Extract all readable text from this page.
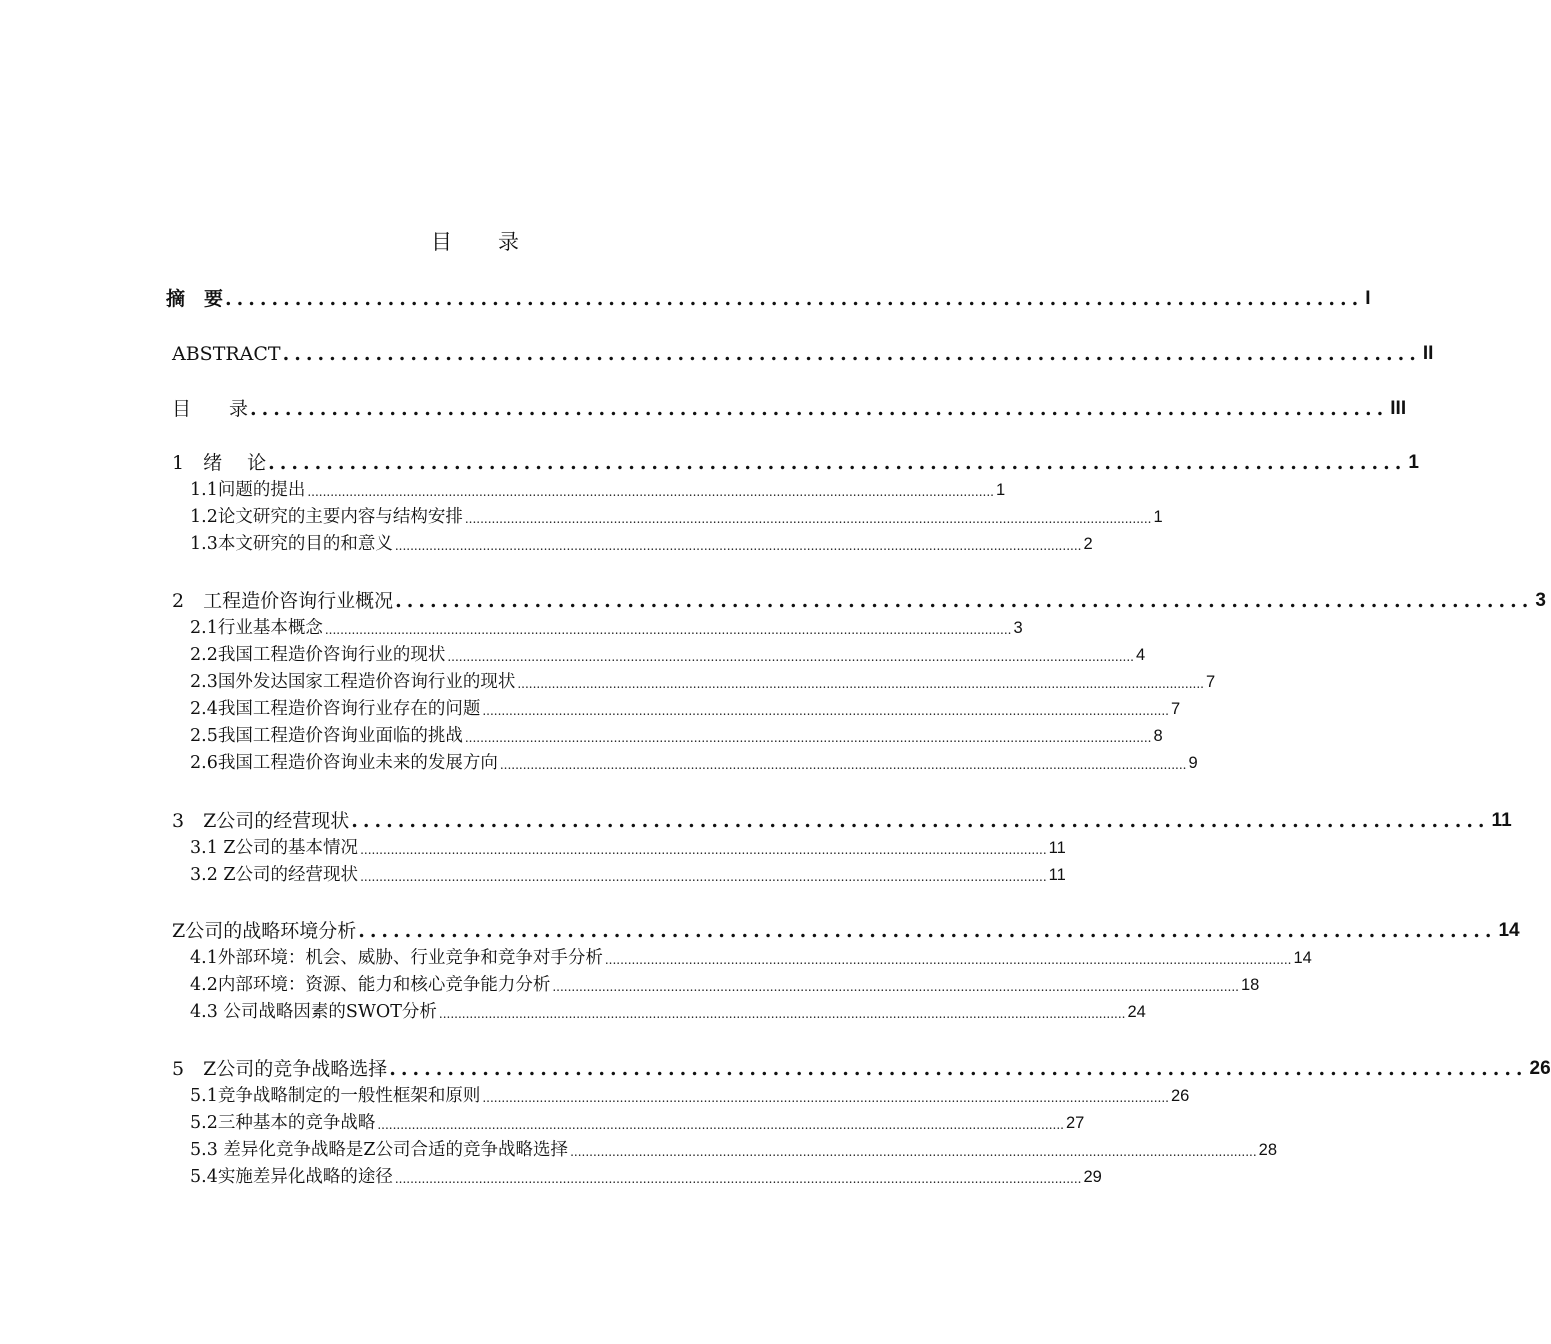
目 录
摘　要 .................................................................................................. I
ABSTRACT .................................................................................................. II
目　　录 .................................................................................................. III
1　绪　 论 .................................................................................................. 1
1.1问题的提出 .................................................................................................................................................................................... 1
1.2论文研究的主要内容与结构安排 .................................................................................................................................................................................... 1
1.3本文研究的目的和意义 .................................................................................................................................................................................... 2
2　工程造价咨询行业概况 .................................................................................................. 3
2.1行业基本概念 .................................................................................................................................................................................... 3
2.2我国工程造价咨询行业的现状 .................................................................................................................................................................................... 4
2.3国外发达国家工程造价咨询行业的现状 .................................................................................................................................................................................... 7
2.4我国工程造价咨询行业存在的问题 .................................................................................................................................................................................... 7
2.5我国工程造价咨询业面临的挑战 .................................................................................................................................................................................... 8
2.6我国工程造价咨询业未来的发展方向 .................................................................................................................................................................................... 9
3　Z公司的经营现状 .................................................................................................. 11
3.1 Z公司的基本情况 .................................................................................................................................................................................... 11
3.2 Z公司的经营现状 .................................................................................................................................................................................... 11
Z公司的战略环境分析 .................................................................................................. 14
4.1外部环境：机会、威胁、行业竞争和竞争对手分析 .................................................................................................................................................................................... 14
4.2内部环境：资源、能力和核心竞争能力分析 .................................................................................................................................................................................... 18
4.3 公司战略因素的SWOT分析 .................................................................................................................................................................................... 24
5　Z公司的竞争战略选择 .................................................................................................. 26
5.1竞争战略制定的一般性框架和原则 .................................................................................................................................................................................... 26
5.2三种基本的竞争战略 .................................................................................................................................................................................... 27
5.3 差异化竞争战略是Z公司合适的竞争战略选择 .................................................................................................................................................................................... 28
5.4实施差异化战略的途径 .................................................................................................................................................................................... 29
